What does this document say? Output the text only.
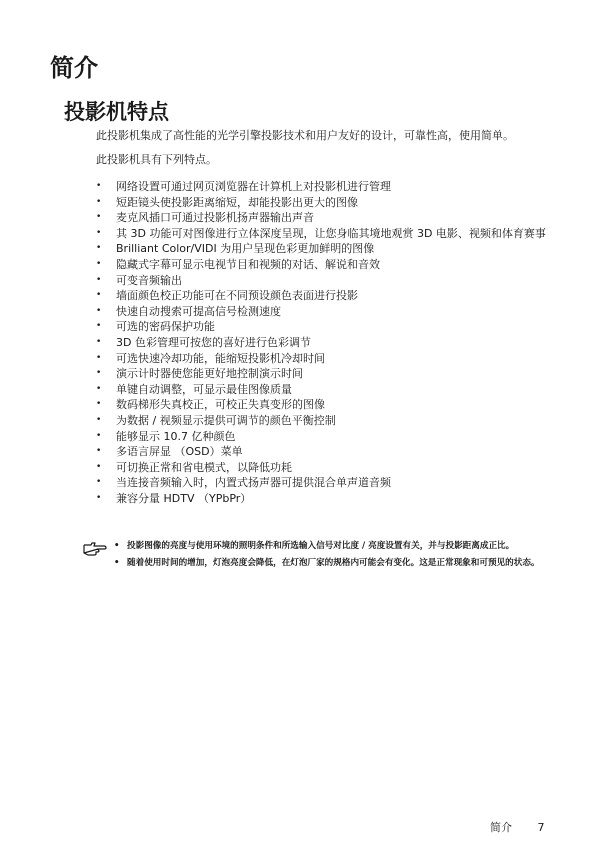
简介
投影机特点

此投影机集成了高性能的光学引擎投影技术和用户友好的设计，可靠性高，使用简单。

此投影机具有下列特点。

• 网络设置可通过网页浏览器在计算机上对投影机进行管理
• 短距镜头使投影距离缩短，却能投影出更大的图像
• 麦克风插口可通过投影机扬声器输出声音
• 其 3D 功能可对图像进行立体深度呈现，让您身临其境地观赏 3D 电影、视频和体育赛事
• Brilliant Color/VIDI 为用户呈现色彩更加鲜明的图像
• 隐藏式字幕可显示电视节目和视频的对话、解说和音效
• 可变音频输出
• 墙面颜色校正功能可在不同预设颜色表面进行投影
• 快速自动搜索可提高信号检测速度
• 可选的密码保护功能
• 3D 色彩管理可按您的喜好进行色彩调节
• 可选快速冷却功能，能缩短投影机冷却时间
• 演示计时器使您能更好地控制演示时间
• 单键自动调整，可显示最佳图像质量
• 数码梯形失真校正，可校正失真变形的图像
• 为数据 / 视频显示提供可调节的颜色平衡控制
• 能够显示 10.7 亿种颜色
• 多语言屏显 （OSD）菜单
• 可切换正常和省电模式，以降低功耗
• 当连接音频输入时，内置式扬声器可提供混合单声道音频
• 兼容分量 HDTV （YPbPr）
• 投影图像的亮度与使用环境的照明条件和所选输入信号对比度 / 亮度设置有关，并与投影距离成正比。
• 随着使用时间的增加，灯泡亮度会降低，在灯泡厂家的规格内可能会有变化。这是正常现象和可预见的状态。
简介 7
